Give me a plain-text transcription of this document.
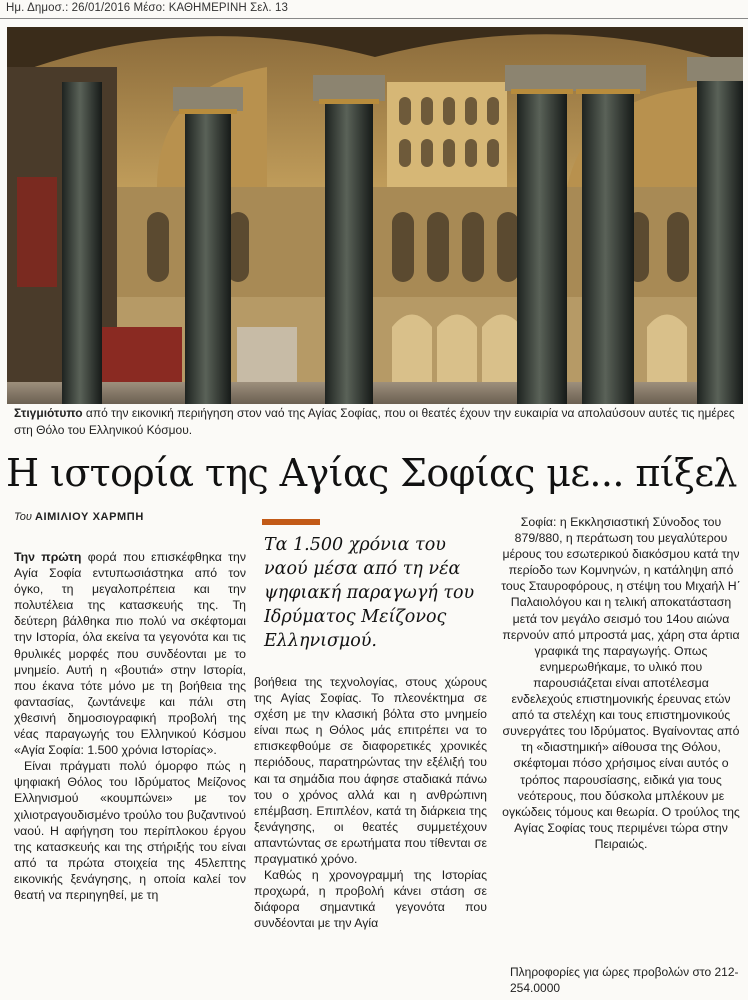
Ημ. Δημοσ.: 26/01/2016 Μέσο: ΚΑΘΗΜΕΡΙΝΗ Σελ. 13
Στιγμιότυπο από την εικονική περιήγηση στον ναό της Αγίας Σοφίας, που οι θεατές έχουν την ευκαιρία να απολαύσουν αυτές τις ημέρες στη Θόλο του Ελληνικού Κόσμου.
Η ιστορία της Αγίας Σοφίας με... πίξελ
Του ΑΙΜΙΛΙΟΥ ΧΑΡΜΠΗ

Την πρώτη φορά που επισκέφθηκα την Αγία Σοφία εντυπωσιάστηκα από τον όγκο, τη μεγαλοπρέπεια και την πολυτέλεια της κατασκευής της. Τη δεύτερη βάλθηκα πιο πολύ να σκέφτομαι την Ιστορία, όλα εκείνα τα γεγονότα και τις θρυλικές μορφές που συνδέονται με το μνημείο. Αυτή η «βουτιά» στην Ιστορία, που έκανα τότε μόνο με τη βοήθεια της φαντασίας, ζωντάνεψε και πάλι στη χθεσινή δημοσιογραφική προβολή της νέας παραγωγής του Ελληνικού Κόσμου «Αγία Σοφία: 1.500 χρόνια Ιστορίας».

Είναι πράγματι πολύ όμορφο πώς η ψηφιακή Θόλος του Ιδρύματος Μείζονος Ελληνισμού «κουμπώνει» με τον χιλιοτραγουδισμένο τρούλο του βυζαντινού ναού. Η αφήγηση του περίπλοκου έργου της κατασκευής και της στήριξής του είναι από τα πρώτα στοιχεία της 45λεπτης εικονικής ξενάγησης, η οποία καλεί τον θεατή να περιηγηθεί, με τη

Τα 1.500 χρόνια του ναού μέσα από τη νέα ψηφιακή παραγωγή του Ιδρύματος Μείζονος Ελληνισμού.

βοήθεια της τεχνολογίας, στους χώρους της Αγίας Σοφίας. Το πλεονέκτημα σε σχέση με την κλασική βόλτα στο μνημείο είναι πως η Θόλος μάς επιτρέπει να το επισκεφθούμε σε διαφορετικές χρονικές περιόδους, παρατηρώντας την εξέλιξή του και τα σημάδια που άφησε σταδιακά πάνω του ο χρόνος αλλά και η ανθρώπινη επέμβαση. Επιπλέον, κατά τη διάρκεια της ξενάγησης, οι θεατές συμμετέχουν απαντώντας σε ερωτήματα που τίθενται σε πραγματικό χρόνο.

Καθώς η χρονογραμμή της Ιστορίας προχωρά, η προβολή κάνει στάση σε διάφορα σημαντικά γεγονότα που συνδέονται με την Αγία

Σοφία: η Εκκλησιαστική Σύνοδος του 879/880, η περάτωση του μεγαλύτερου μέρους του εσωτερικού διακόσμου κατά την περίοδο των Κομνηνών, η κατάληψη από τους Σταυροφόρους, η στέψη του Μιχαήλ Η΄ Παλαιολόγου και η τελική αποκατάσταση μετά τον μεγάλο σεισμό του 14ου αιώνα περνούν από μπροστά μας, χάρη στα άρτια γραφικά της παραγωγής. Οπως ενημερωθήκαμε, το υλικό που παρουσιάζεται είναι αποτέλεσμα ενδελεχούς επιστημονικής έρευνας ετών από τα στελέχη και τους επιστημονικούς συνεργάτες του Ιδρύματος. Βγαίνοντας από τη «διαστημική» αίθουσα της Θόλου, σκέφτομαι πόσο χρήσιμος είναι αυτός ο τρόπος παρουσίασης, ειδικά για τους νεότερους, που δύσκολα μπλέκουν με ογκώδεις τόμους και θεωρία. Ο τρούλος της Αγίας Σοφίας τους περιμένει τώρα στην Πειραιώς.

Πληροφορίες για ώρες προβολών στο 212-254.0000
